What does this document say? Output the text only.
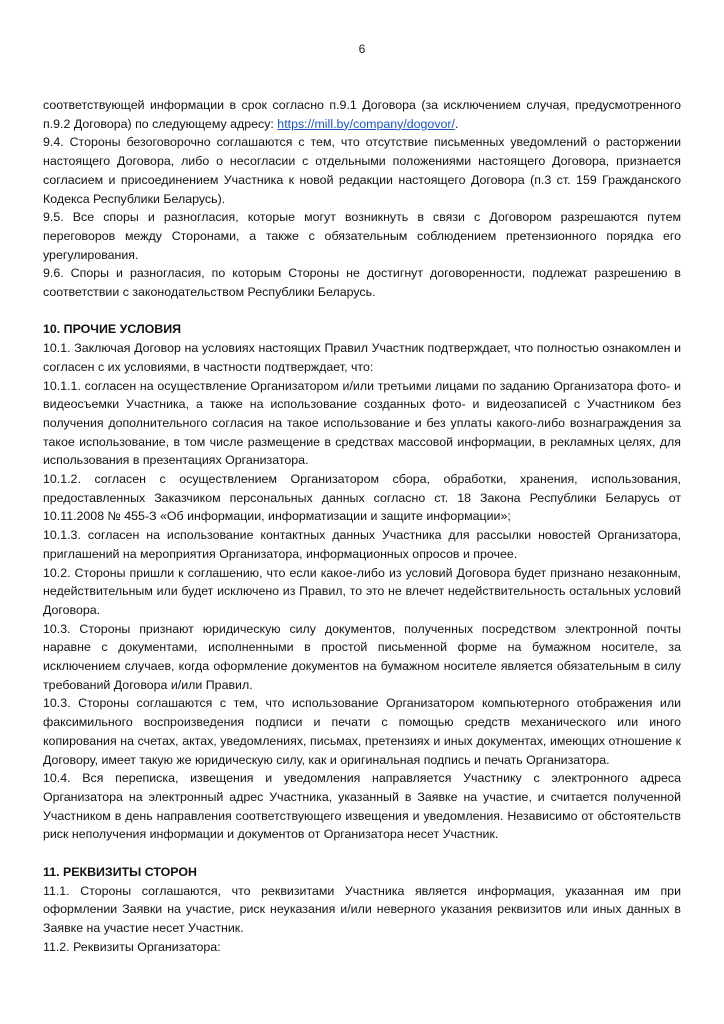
6

соответствующей информации в срок согласно п.9.1 Договора (за исключением случая, предусмотренного п.9.2 Договора) по следующему адресу: https://mill.by/company/dogovor/.

9.4. Стороны безоговорочно соглашаются с тем, что отсутствие письменных уведомлений о расторжении настоящего Договора, либо о несогласии с отдельными положениями настоящего Договора, признается согласием и присоединением Участника к новой редакции настоящего Договора (п.3 ст. 159 Гражданского Кодекса Республики Беларусь).

9.5. Все споры и разногласия, которые могут возникнуть в связи с Договором разрешаются путем переговоров между Сторонами, а также с обязательным соблюдением претензионного порядка его урегулирования.

9.6. Споры и разногласия, по которым Стороны не достигнут договоренности, подлежат разрешению в соответствии с законодательством Республики Беларусь.

10. ПРОЧИЕ УСЛОВИЯ

10.1. Заключая Договор на условиях настоящих Правил Участник подтверждает, что полностью ознакомлен и согласен с их условиями, в частности подтверждает, что:

10.1.1. согласен на осуществление Организатором и/или третьими лицами по заданию Организатора фото- и видеосъемки Участника, а также на использование созданных фото- и видеозаписей с Участником без получения дополнительного согласия на такое использование и без уплаты какого-либо вознаграждения за такое использование, в том числе размещение в средствах массовой информации, в рекламных целях, для использования в презентациях Организатора.

10.1.2. согласен с осуществлением Организатором сбора, обработки, хранения, использования, предоставленных Заказчиком персональных данных согласно ст. 18 Закона Республики Беларусь от 10.11.2008 № 455-З «Об информации, информатизации и защите информации»;

10.1.3. согласен на использование контактных данных Участника для рассылки новостей Организатора, приглашений на мероприятия Организатора, информационных опросов и прочее.

10.2. Стороны пришли к соглашению, что если какое-либо из условий Договора будет признано незаконным, недействительным или будет исключено из Правил, то это не влечет недействительность остальных условий Договора.

10.3. Стороны признают юридическую силу документов, полученных посредством электронной почты наравне с документами, исполненными в простой письменной форме на бумажном носителе, за исключением случаев, когда оформление документов на бумажном носителе является обязательным в силу требований Договора и/или Правил.

10.3. Стороны соглашаются с тем, что использование Организатором компьютерного отображения или факсимильного воспроизведения подписи и печати с помощью средств механического или иного копирования на счетах, актах, уведомлениях, письмах, претензиях и иных документах, имеющих отношение к Договору, имеет такую же юридическую силу, как и оригинальная подпись и печать Организатора.

10.4. Вся переписка, извещения и уведомления направляется Участнику с электронного адреса Организатора на электронный адрес Участника, указанный в Заявке на участие, и считается полученной Участником в день направления соответствующего извещения и уведомления. Независимо от обстоятельств риск неполучения информации и документов от Организатора несет Участник.

11. РЕКВИЗИТЫ СТОРОН

11.1. Стороны соглашаются, что реквизитами Участника является информация, указанная им при оформлении Заявки на участие, риск неуказания и/или неверного указания реквизитов или иных данных в Заявке на участие несет Участник.

11.2. Реквизиты Организатора:
